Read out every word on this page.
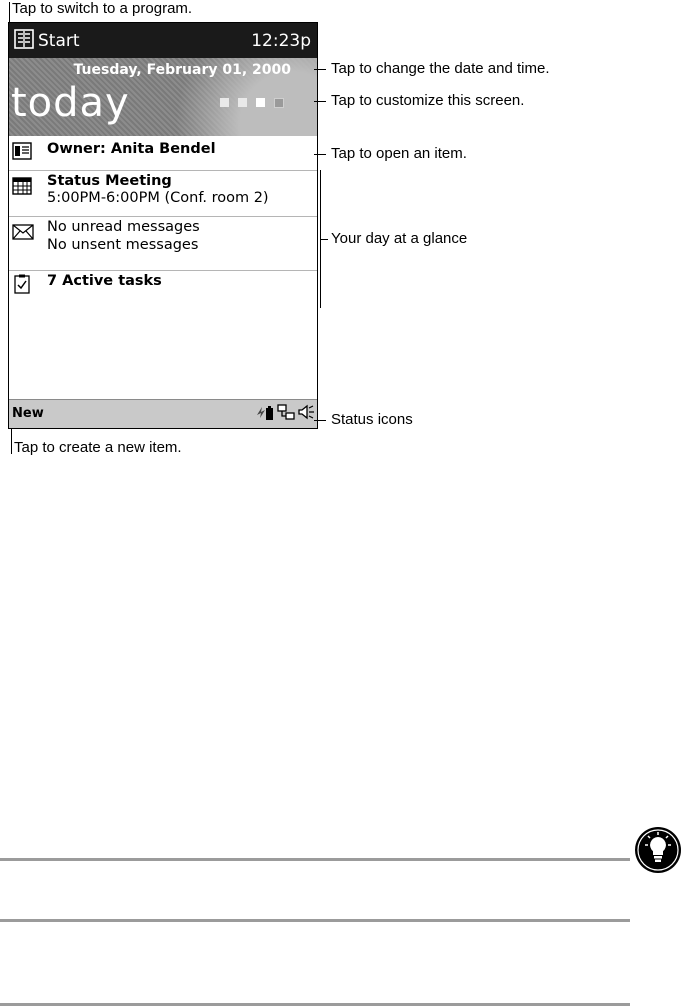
Tap to switch to a program.
Start	12:23p
Tuesday, February 01, 2000
today
Owner: Anita Bendel
Status Meeting
5:00PM-6:00PM (Conf. room 2)
No unread messages
No unsent messages
7 Active tasks
New
Tap to change the date and time.
Tap to customize this screen.
Tap to open an item.
Your day at a glance
Status icons
Tap to create a new item.
